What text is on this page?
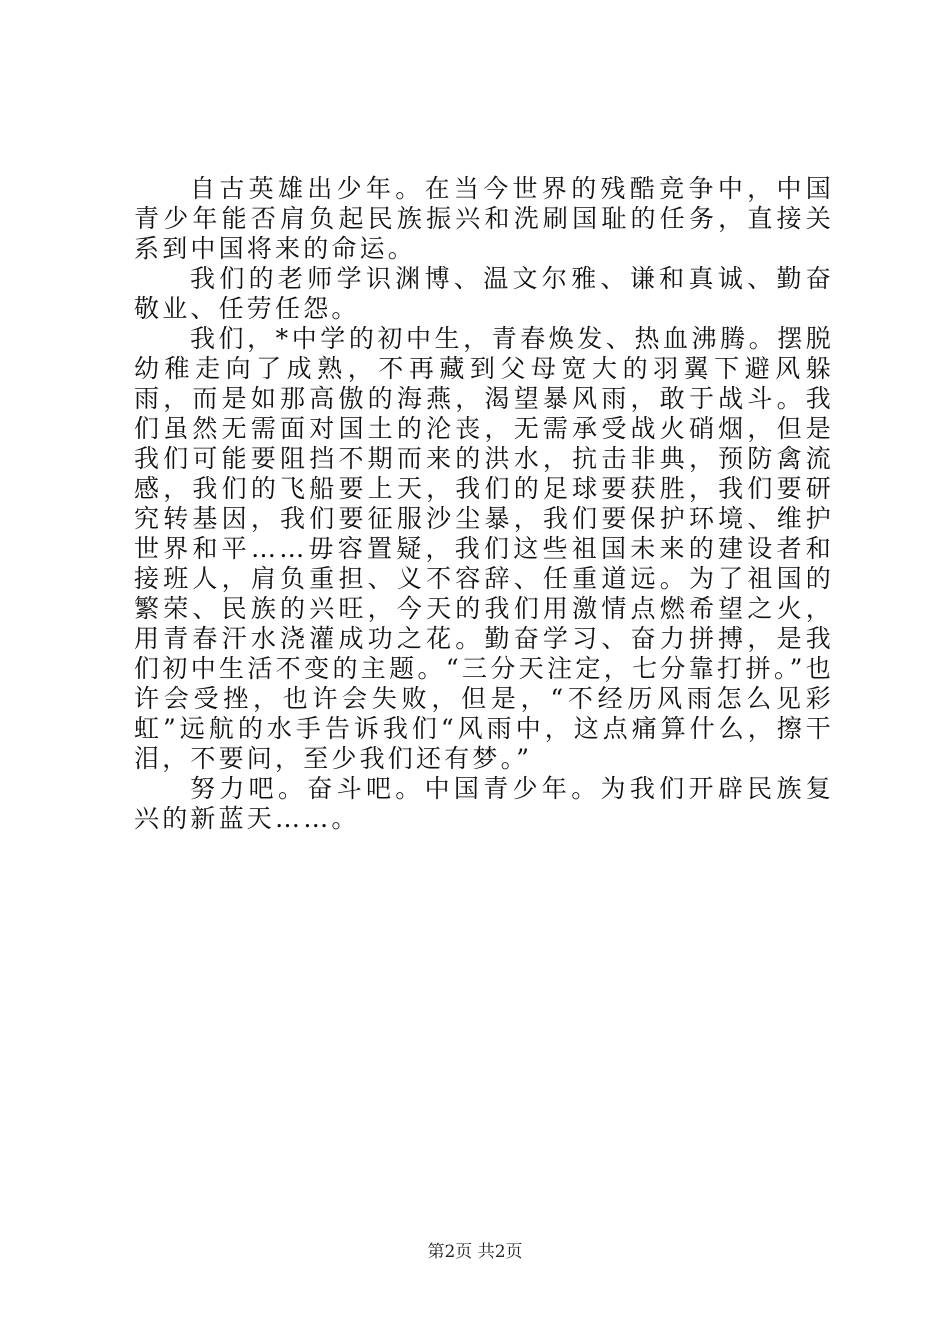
自古英雄出少年。在当今世界的残酷竞争中，中国青少年能否肩负起民族振兴和洗刷国耻的任务，直接关系到中国将来的命运。

我们的老师学识渊博、温文尔雅、谦和真诚、勤奋敬业、任劳任怨。

我们，*中学的初中生，青春焕发、热血沸腾。摆脱幼稚走向了成熟，不再藏到父母宽大的羽翼下避风躲雨，而是如那高傲的海燕，渴望暴风雨，敢于战斗。我们虽然无需面对国土的沦丧，无需承受战火硝烟，但是我们可能要阻挡不期而来的洪水，抗击非典，预防禽流感，我们的飞船要上天，我们的足球要获胜，我们要研究转基因，我们要征服沙尘暴，我们要保护环境、维护世界和平……毋容置疑，我们这些祖国未来的建设者和接班人，肩负重担、义不容辞、任重道远。为了祖国的繁荣、民族的兴旺，今天的我们用激情点燃希望之火，用青春汗水浇灌成功之花。勤奋学习、奋力拼搏，是我们初中生活不变的主题。“三分天注定，七分靠打拼。”也许会受挫，也许会失败，但是，“不经历风雨怎么见彩虹”远航的水手告诉我们“风雨中，这点痛算什么，擦干泪，不要问，至少我们还有梦。”

努力吧。奋斗吧。中国青少年。为我们开辟民族复兴的新蓝天……。

第2页 共2页
